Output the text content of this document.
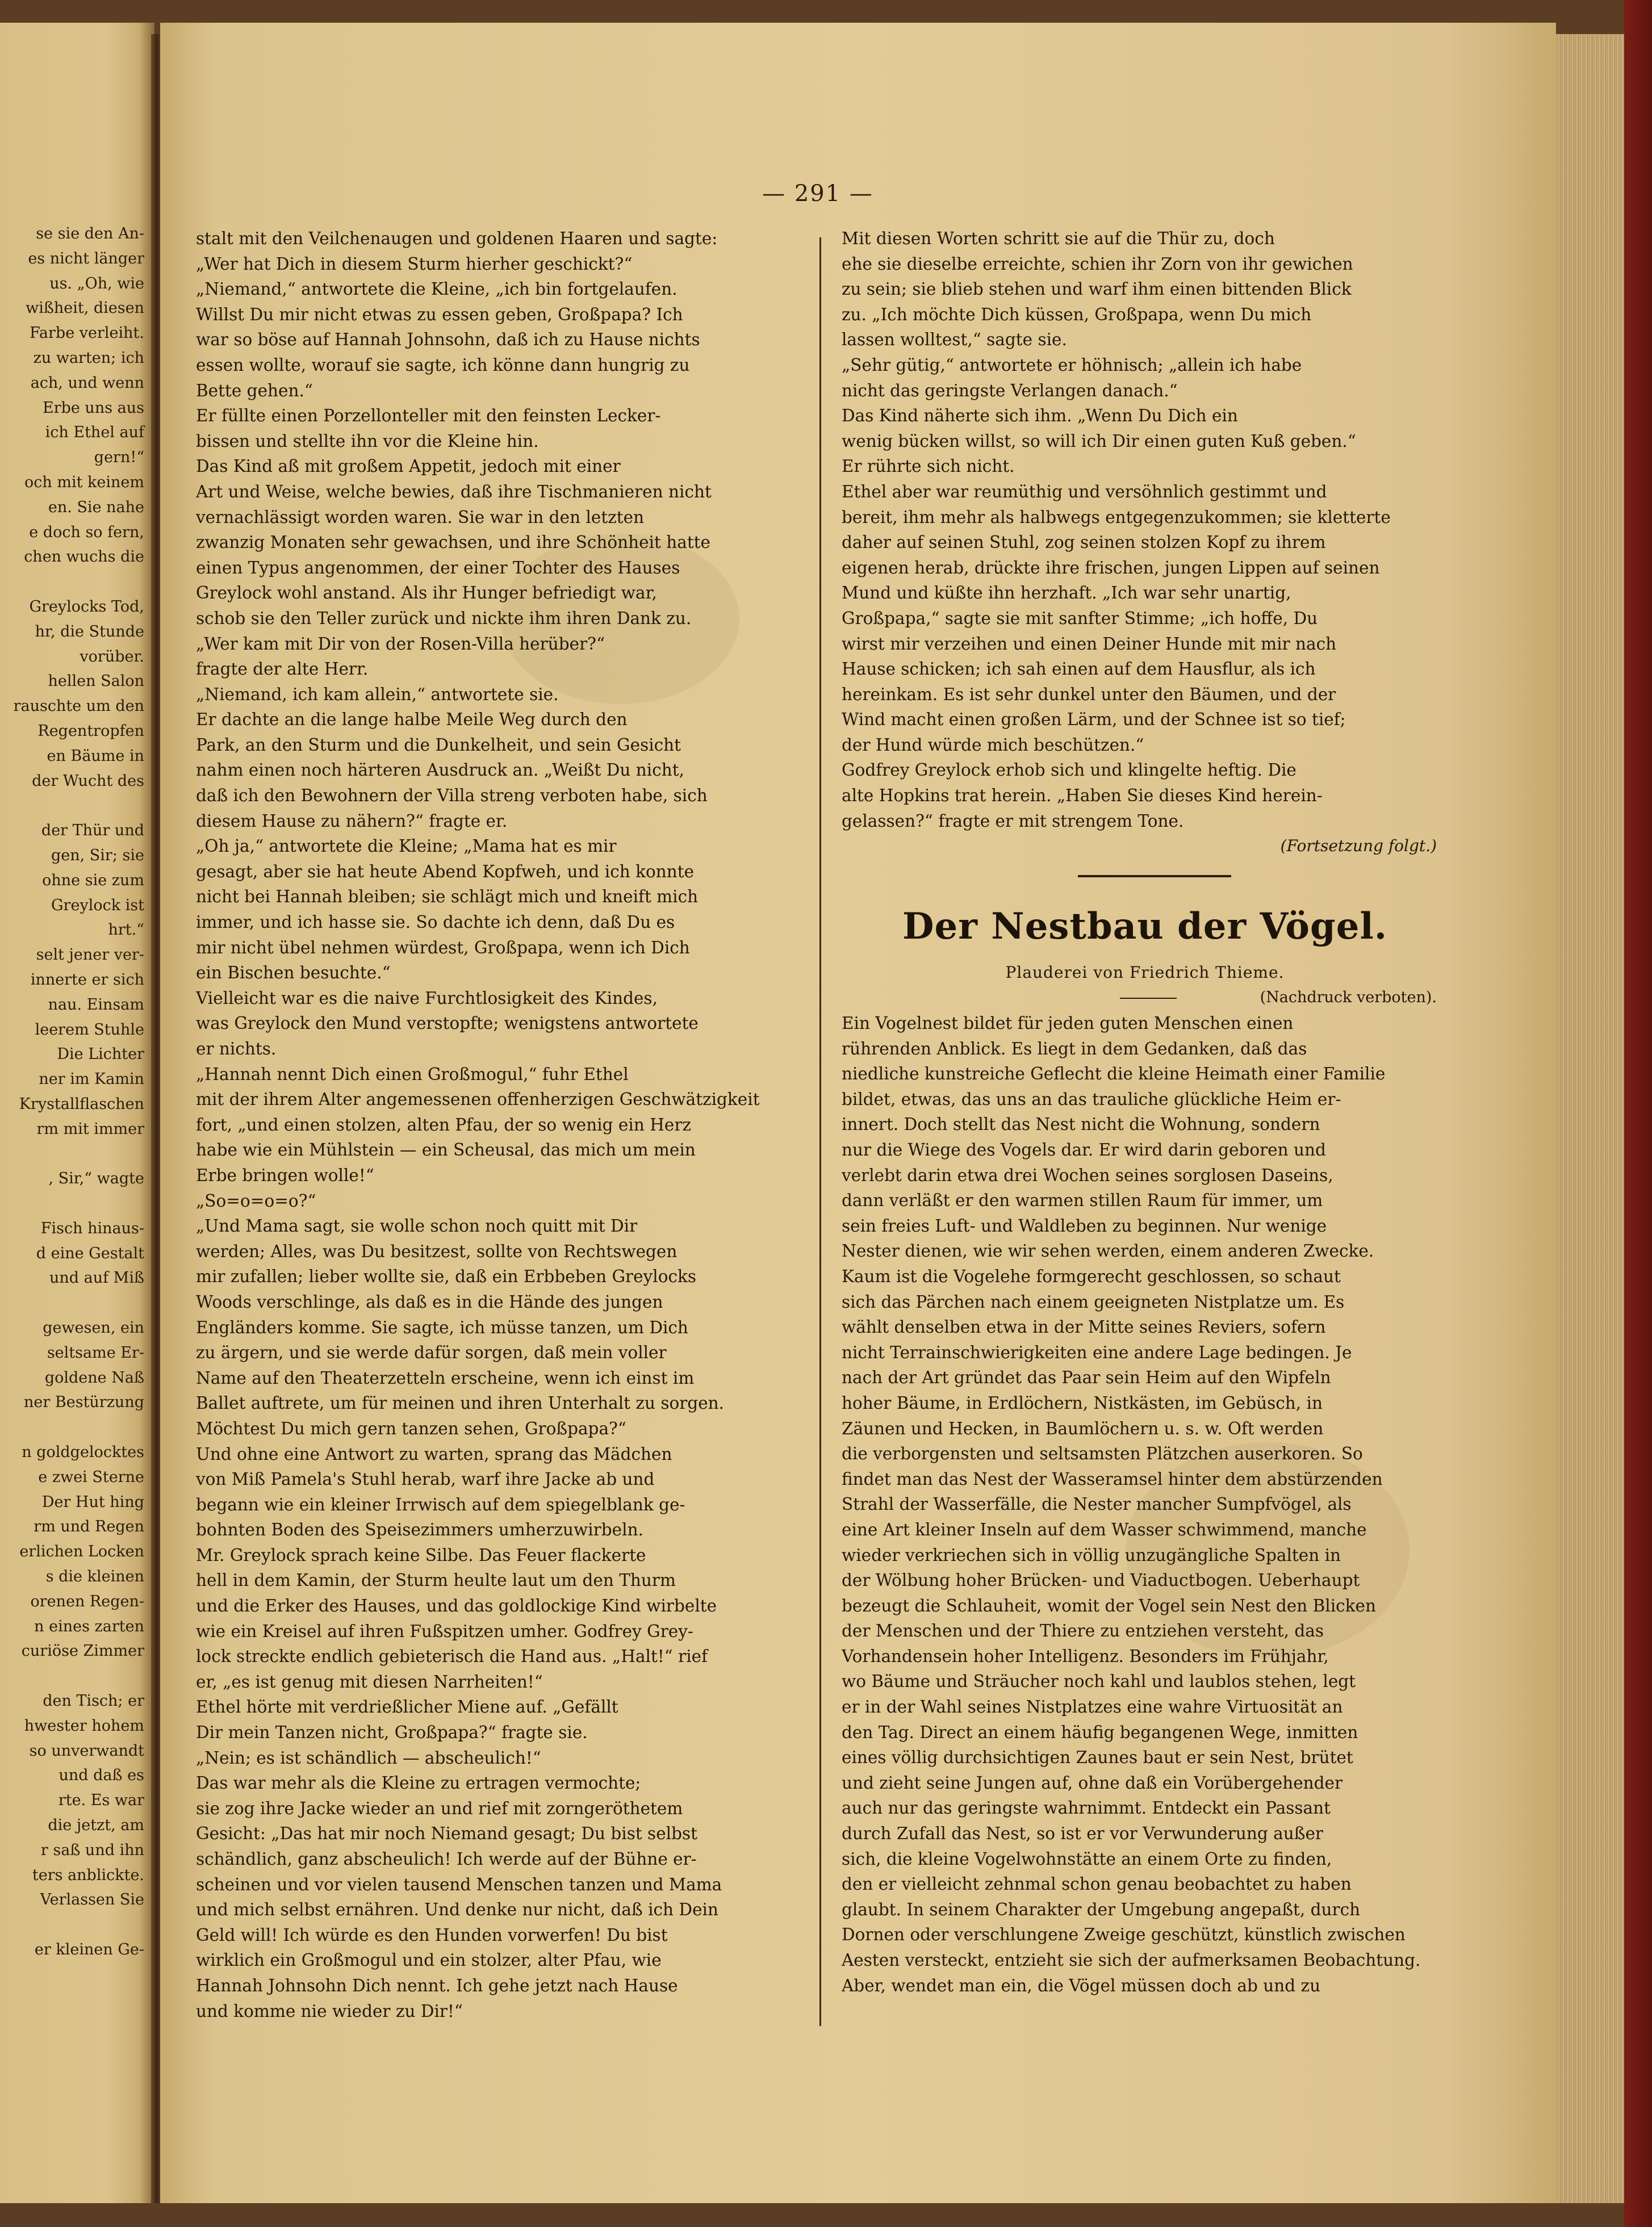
se sie den An-
es nicht länger
us. „Oh, wie
wißheit, diesen
Farbe verleiht.
zu warten; ich
ach, und wenn
Erbe uns aus
ich Ethel auf
gern!“
och mit keinem
en. Sie nahe
e doch so fern,
chen wuchs die
Greylocks Tod,
hr, die Stunde
vorüber.
hellen Salon
rauschte um den
Regentropfen
en Bäume in
der Wucht des
der Thür und
gen, Sir; sie
ohne sie zum
Greylock ist
hrt.“
selt jener ver-
innerte er sich
nau. Einsam
leerem Stuhle
Die Lichter
ner im Kamin
Krystallflaschen
rm mit immer
, Sir,“ wagte
Fisch hinaus-
d eine Gestalt
und auf Miß
gewesen, ein
seltsame Er-
goldene Naß
ner Bestürzung
n goldgelocktes
e zwei Sterne
Der Hut hing
rm und Regen
erlichen Locken
s die kleinen
orenen Regen-
n eines zarten
curiöse Zimmer
den Tisch; er
hwester hohem
so unverwandt
und daß es
rte. Es war
die jetzt, am
r saß und ihn
ters anblickte.
Verlassen Sie
er kleinen Ge-
— 291 —
stalt mit den Veilchenaugen und goldenen Haaren und sagte:
„Wer hat Dich in diesem Sturm hierher geschickt?“
„Niemand,“ antwortete die Kleine, „ich bin fortgelaufen.
Willst Du mir nicht etwas zu essen geben, Großpapa? Ich
war so böse auf Hannah Johnsohn, daß ich zu Hause nichts
essen wollte, worauf sie sagte, ich könne dann hungrig zu
Bette gehen.“
Er füllte einen Porzellonteller mit den feinsten Lecker-
bissen und stellte ihn vor die Kleine hin.
Das Kind aß mit großem Appetit, jedoch mit einer
Art und Weise, welche bewies, daß ihre Tischmanieren nicht
vernachlässigt worden waren. Sie war in den letzten
zwanzig Monaten sehr gewachsen, und ihre Schönheit hatte
einen Typus angenommen, der einer Tochter des Hauses
Greylock wohl anstand. Als ihr Hunger befriedigt war,
schob sie den Teller zurück und nickte ihm ihren Dank zu.
„Wer kam mit Dir von der Rosen-Villa herüber?“
fragte der alte Herr.
„Niemand, ich kam allein,“ antwortete sie.
Er dachte an die lange halbe Meile Weg durch den
Park, an den Sturm und die Dunkelheit, und sein Gesicht
nahm einen noch härteren Ausdruck an. „Weißt Du nicht,
daß ich den Bewohnern der Villa streng verboten habe, sich
diesem Hause zu nähern?“ fragte er.
„Oh ja,“ antwortete die Kleine; „Mama hat es mir
gesagt, aber sie hat heute Abend Kopfweh, und ich konnte
nicht bei Hannah bleiben; sie schlägt mich und kneift mich
immer, und ich hasse sie. So dachte ich denn, daß Du es
mir nicht übel nehmen würdest, Großpapa, wenn ich Dich
ein Bischen besuchte.“
Vielleicht war es die naive Furchtlosigkeit des Kindes,
was Greylock den Mund verstopfte; wenigstens antwortete
er nichts.
„Hannah nennt Dich einen Großmogul,“ fuhr Ethel
mit der ihrem Alter angemessenen offenherzigen Geschwätzigkeit
fort, „und einen stolzen, alten Pfau, der so wenig ein Herz
habe wie ein Mühlstein — ein Scheusal, das mich um mein
Erbe bringen wolle!“
„So=o=o=o?“
„Und Mama sagt, sie wolle schon noch quitt mit Dir
werden; Alles, was Du besitzest, sollte von Rechtswegen
mir zufallen; lieber wollte sie, daß ein Erbbeben Greylocks
Woods verschlinge, als daß es in die Hände des jungen
Engländers komme. Sie sagte, ich müsse tanzen, um Dich
zu ärgern, und sie werde dafür sorgen, daß mein voller
Name auf den Theaterzetteln erscheine, wenn ich einst im
Ballet auftrete, um für meinen und ihren Unterhalt zu sorgen.
Möchtest Du mich gern tanzen sehen, Großpapa?“
Und ohne eine Antwort zu warten, sprang das Mädchen
von Miß Pamela's Stuhl herab, warf ihre Jacke ab und
begann wie ein kleiner Irrwisch auf dem spiegelblank ge-
bohnten Boden des Speisezimmers umherzuwirbeln.
Mr. Greylock sprach keine Silbe. Das Feuer flackerte
hell in dem Kamin, der Sturm heulte laut um den Thurm
und die Erker des Hauses, und das goldlockige Kind wirbelte
wie ein Kreisel auf ihren Fußspitzen umher. Godfrey Grey-
lock streckte endlich gebieterisch die Hand aus. „Halt!“ rief
er, „es ist genug mit diesen Narrheiten!“
Ethel hörte mit verdrießlicher Miene auf. „Gefällt
Dir mein Tanzen nicht, Großpapa?“ fragte sie.
„Nein; es ist schändlich — abscheulich!“
Das war mehr als die Kleine zu ertragen vermochte;
sie zog ihre Jacke wieder an und rief mit zorngeröthetem
Gesicht: „Das hat mir noch Niemand gesagt; Du bist selbst
schändlich, ganz abscheulich! Ich werde auf der Bühne er-
scheinen und vor vielen tausend Menschen tanzen und Mama
und mich selbst ernähren. Und denke nur nicht, daß ich Dein
Geld will! Ich würde es den Hunden vorwerfen! Du bist
wirklich ein Großmogul und ein stolzer, alter Pfau, wie
Hannah Johnsohn Dich nennt. Ich gehe jetzt nach Hause
und komme nie wieder zu Dir!“
Mit diesen Worten schritt sie auf die Thür zu, doch
ehe sie dieselbe erreichte, schien ihr Zorn von ihr gewichen
zu sein; sie blieb stehen und warf ihm einen bittenden Blick
zu. „Ich möchte Dich küssen, Großpapa, wenn Du mich
lassen wolltest,“ sagte sie.
„Sehr gütig,“ antwortete er höhnisch; „allein ich habe
nicht das geringste Verlangen danach.“
Das Kind näherte sich ihm. „Wenn Du Dich ein
wenig bücken willst, so will ich Dir einen guten Kuß geben.“
Er rührte sich nicht.
Ethel aber war reumüthig und versöhnlich gestimmt und
bereit, ihm mehr als halbwegs entgegenzukommen; sie kletterte
daher auf seinen Stuhl, zog seinen stolzen Kopf zu ihrem
eigenen herab, drückte ihre frischen, jungen Lippen auf seinen
Mund und küßte ihn herzhaft. „Ich war sehr unartig,
Großpapa,“ sagte sie mit sanfter Stimme; „ich hoffe, Du
wirst mir verzeihen und einen Deiner Hunde mit mir nach
Hause schicken; ich sah einen auf dem Hausflur, als ich
hereinkam. Es ist sehr dunkel unter den Bäumen, und der
Wind macht einen großen Lärm, und der Schnee ist so tief;
der Hund würde mich beschützen.“
Godfrey Greylock erhob sich und klingelte heftig. Die
alte Hopkins trat herein. „Haben Sie dieses Kind herein-
gelassen?“ fragte er mit strengem Tone.
(Fortsetzung folgt.)
Der Nestbau der Vögel.
Plauderei von Friedrich Thieme.
(Nachdruck verboten).
Ein Vogelnest bildet für jeden guten Menschen einen
rührenden Anblick. Es liegt in dem Gedanken, daß das
niedliche kunstreiche Geflecht die kleine Heimath einer Familie
bildet, etwas, das uns an das trauliche glückliche Heim er-
innert. Doch stellt das Nest nicht die Wohnung, sondern
nur die Wiege des Vogels dar. Er wird darin geboren und
verlebt darin etwa drei Wochen seines sorglosen Daseins,
dann verläßt er den warmen stillen Raum für immer, um
sein freies Luft- und Waldleben zu beginnen. Nur wenige
Nester dienen, wie wir sehen werden, einem anderen Zwecke.
Kaum ist die Vogelehe formgerecht geschlossen, so schaut
sich das Pärchen nach einem geeigneten Nistplatze um. Es
wählt denselben etwa in der Mitte seines Reviers, sofern
nicht Terrainschwierigkeiten eine andere Lage bedingen. Je
nach der Art gründet das Paar sein Heim auf den Wipfeln
hoher Bäume, in Erdlöchern, Nistkästen, im Gebüsch, in
Zäunen und Hecken, in Baumlöchern u. s. w. Oft werden
die verborgensten und seltsamsten Plätzchen auserkoren. So
findet man das Nest der Wasseramsel hinter dem abstürzenden
Strahl der Wasserfälle, die Nester mancher Sumpfvögel, als
eine Art kleiner Inseln auf dem Wasser schwimmend, manche
wieder verkriechen sich in völlig unzugängliche Spalten in
der Wölbung hoher Brücken- und Viaductbogen. Ueberhaupt
bezeugt die Schlauheit, womit der Vogel sein Nest den Blicken
der Menschen und der Thiere zu entziehen versteht, das
Vorhandensein hoher Intelligenz. Besonders im Frühjahr,
wo Bäume und Sträucher noch kahl und laublos stehen, legt
er in der Wahl seines Nistplatzes eine wahre Virtuosität an
den Tag. Direct an einem häufig begangenen Wege, inmitten
eines völlig durchsichtigen Zaunes baut er sein Nest, brütet
und zieht seine Jungen auf, ohne daß ein Vorübergehender
auch nur das geringste wahrnimmt. Entdeckt ein Passant
durch Zufall das Nest, so ist er vor Verwunderung außer
sich, die kleine Vogelwohnstätte an einem Orte zu finden,
den er vielleicht zehnmal schon genau beobachtet zu haben
glaubt. In seinem Charakter der Umgebung angepaßt, durch
Dornen oder verschlungene Zweige geschützt, künstlich zwischen
Aesten versteckt, entzieht sie sich der aufmerksamen Beobachtung.
Aber, wendet man ein, die Vögel müssen doch ab und zu
